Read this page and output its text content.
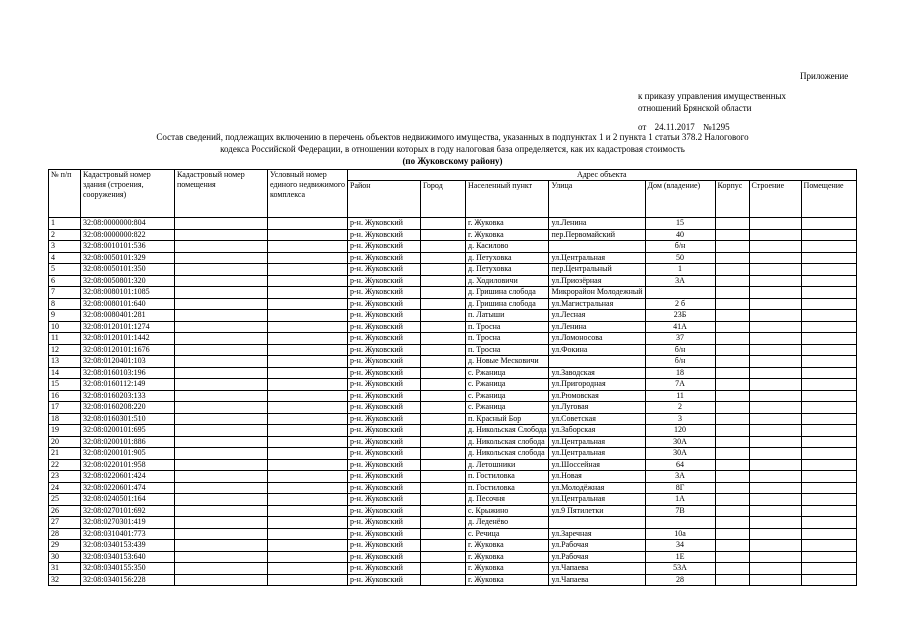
Приложение
к приказу управления имущественных
отношений Брянской области
от 24.11.2017 №1295
Состав сведений, подлежащих включению в перечень объектов недвижимого имущества, указанных в подпунктах 1 и 2 пункта 1 статьи 378.2 Налогового
кодекса Российской Федерации, в отношении которых в году налоговая база определяется, как их кадастровая стоимость
(по Жуковскому району)
№ п/п	Кадастровый номер здания (строения, сооружения)	Кадастровый номер помещения	Условный номер единого недвижимого комплекса	Адрес объекта							
				Район	Город	Населенный пункт	Улица	Дом (владение)	Корпус	Строение	Помещение
1	32:08:0000000:804			р-н. Жуковский		г. Жуковка	ул.Ленина	15			
2	32:08:0000000:822			р-н. Жуковский		г. Жуковка	пер.Первомайский	40			
3	32:08:0010101:536			р-н. Жуковский		д. Касилово		б/н			
4	32:08:0050101:329			р-н. Жуковский		д. Петуховка	ул.Центральная	50			
5	32:08:0050101:350			р-н. Жуковский		д. Петуховка	пер.Центральный	1			
6	32:08:0050801:320			р-н. Жуковский		д. Ходиловичи	ул.Приозёрная	3А			
7	32:08:0080101:1085			р-н. Жуковский		д. Гришина слобода	Микрорайон Молодежный				
8	32:08:0080101:640			р-н. Жуковский		д. Гришина слобода	ул.Магистральная	2 б			
9	32:08:0080401:281			р-н. Жуковский		п. Латыши	ул.Лесная	23Б			
10	32:08:0120101:1274			р-н. Жуковский		п. Тросна	ул.Ленина	41А			
11	32:08:0120101:1442			р-н. Жуковский		п. Тросна	ул.Ломоносова	37			
12	32:08:0120101:1676			р-н. Жуковский		п. Тросна	ул.Фокина	б/н			
13	32:08:0120401:103			р-н. Жуковский		д. Новые Месковичи		б/н			
14	32:08:0160103:196			р-н. Жуковский		с. Ржаница	ул.Заводская	18			
15	32:08:0160112:149			р-н. Жуковский		с. Ржаница	ул.Пригородная	7А			
16	32:08:0160203:133			р-н. Жуковский		с. Ржаница	ул.Рюмовская	11			
17	32:08:0160208:220			р-н. Жуковский		с. Ржаница	ул.Луговая	2			
18	32:08:0160301:510			р-н. Жуковский		п. Красный Бор	ул.Советская	3			
19	32:08:0200101:695			р-н. Жуковский		д. Никольская Слобода	ул.Заборская	120			
20	32:08:0200101:886			р-н. Жуковский		д. Никольская слобода	ул.Центральная	30А			
21	32:08:0200101:905			р-н. Жуковский		д. Никольская слобода	ул.Центральная	30А			
22	32:08:0220101:958			р-н. Жуковский		д. Летошники	ул.Шоссейная	64			
23	32:08:0220601:424			р-н. Жуковский		п. Гостиловка	ул.Новая	3А			
24	32:08:0220601:474			р-н. Жуковский		п. Гостиловка	ул.Молодёжная	8Г			
25	32:08:0240501:164			р-н. Жуковский		д. Песочня	ул.Центральная	1А			
26	32:08:0270101:692			р-н. Жуковский		с. Крыжино	ул.9 Пятилетки	7В			
27	32:08:0270301:419			р-н. Жуковский		д. Леденёво					
28	32:08:0310401:773			р-н. Жуковский		с. Речица	ул.Заречная	10а			
29	32:08:0340153:439			р-н. Жуковский		г. Жуковка	ул.Рабочая	34			
30	32:08:0340153:640			р-н. Жуковский		г. Жуковка	ул.Рабочая	1Е			
31	32:08:0340155:350			р-н. Жуковский		г. Жуковка	ул.Чапаева	53А			
32	32:08:0340156:228			р-н. Жуковский		г. Жуковка	ул.Чапаева	28			
